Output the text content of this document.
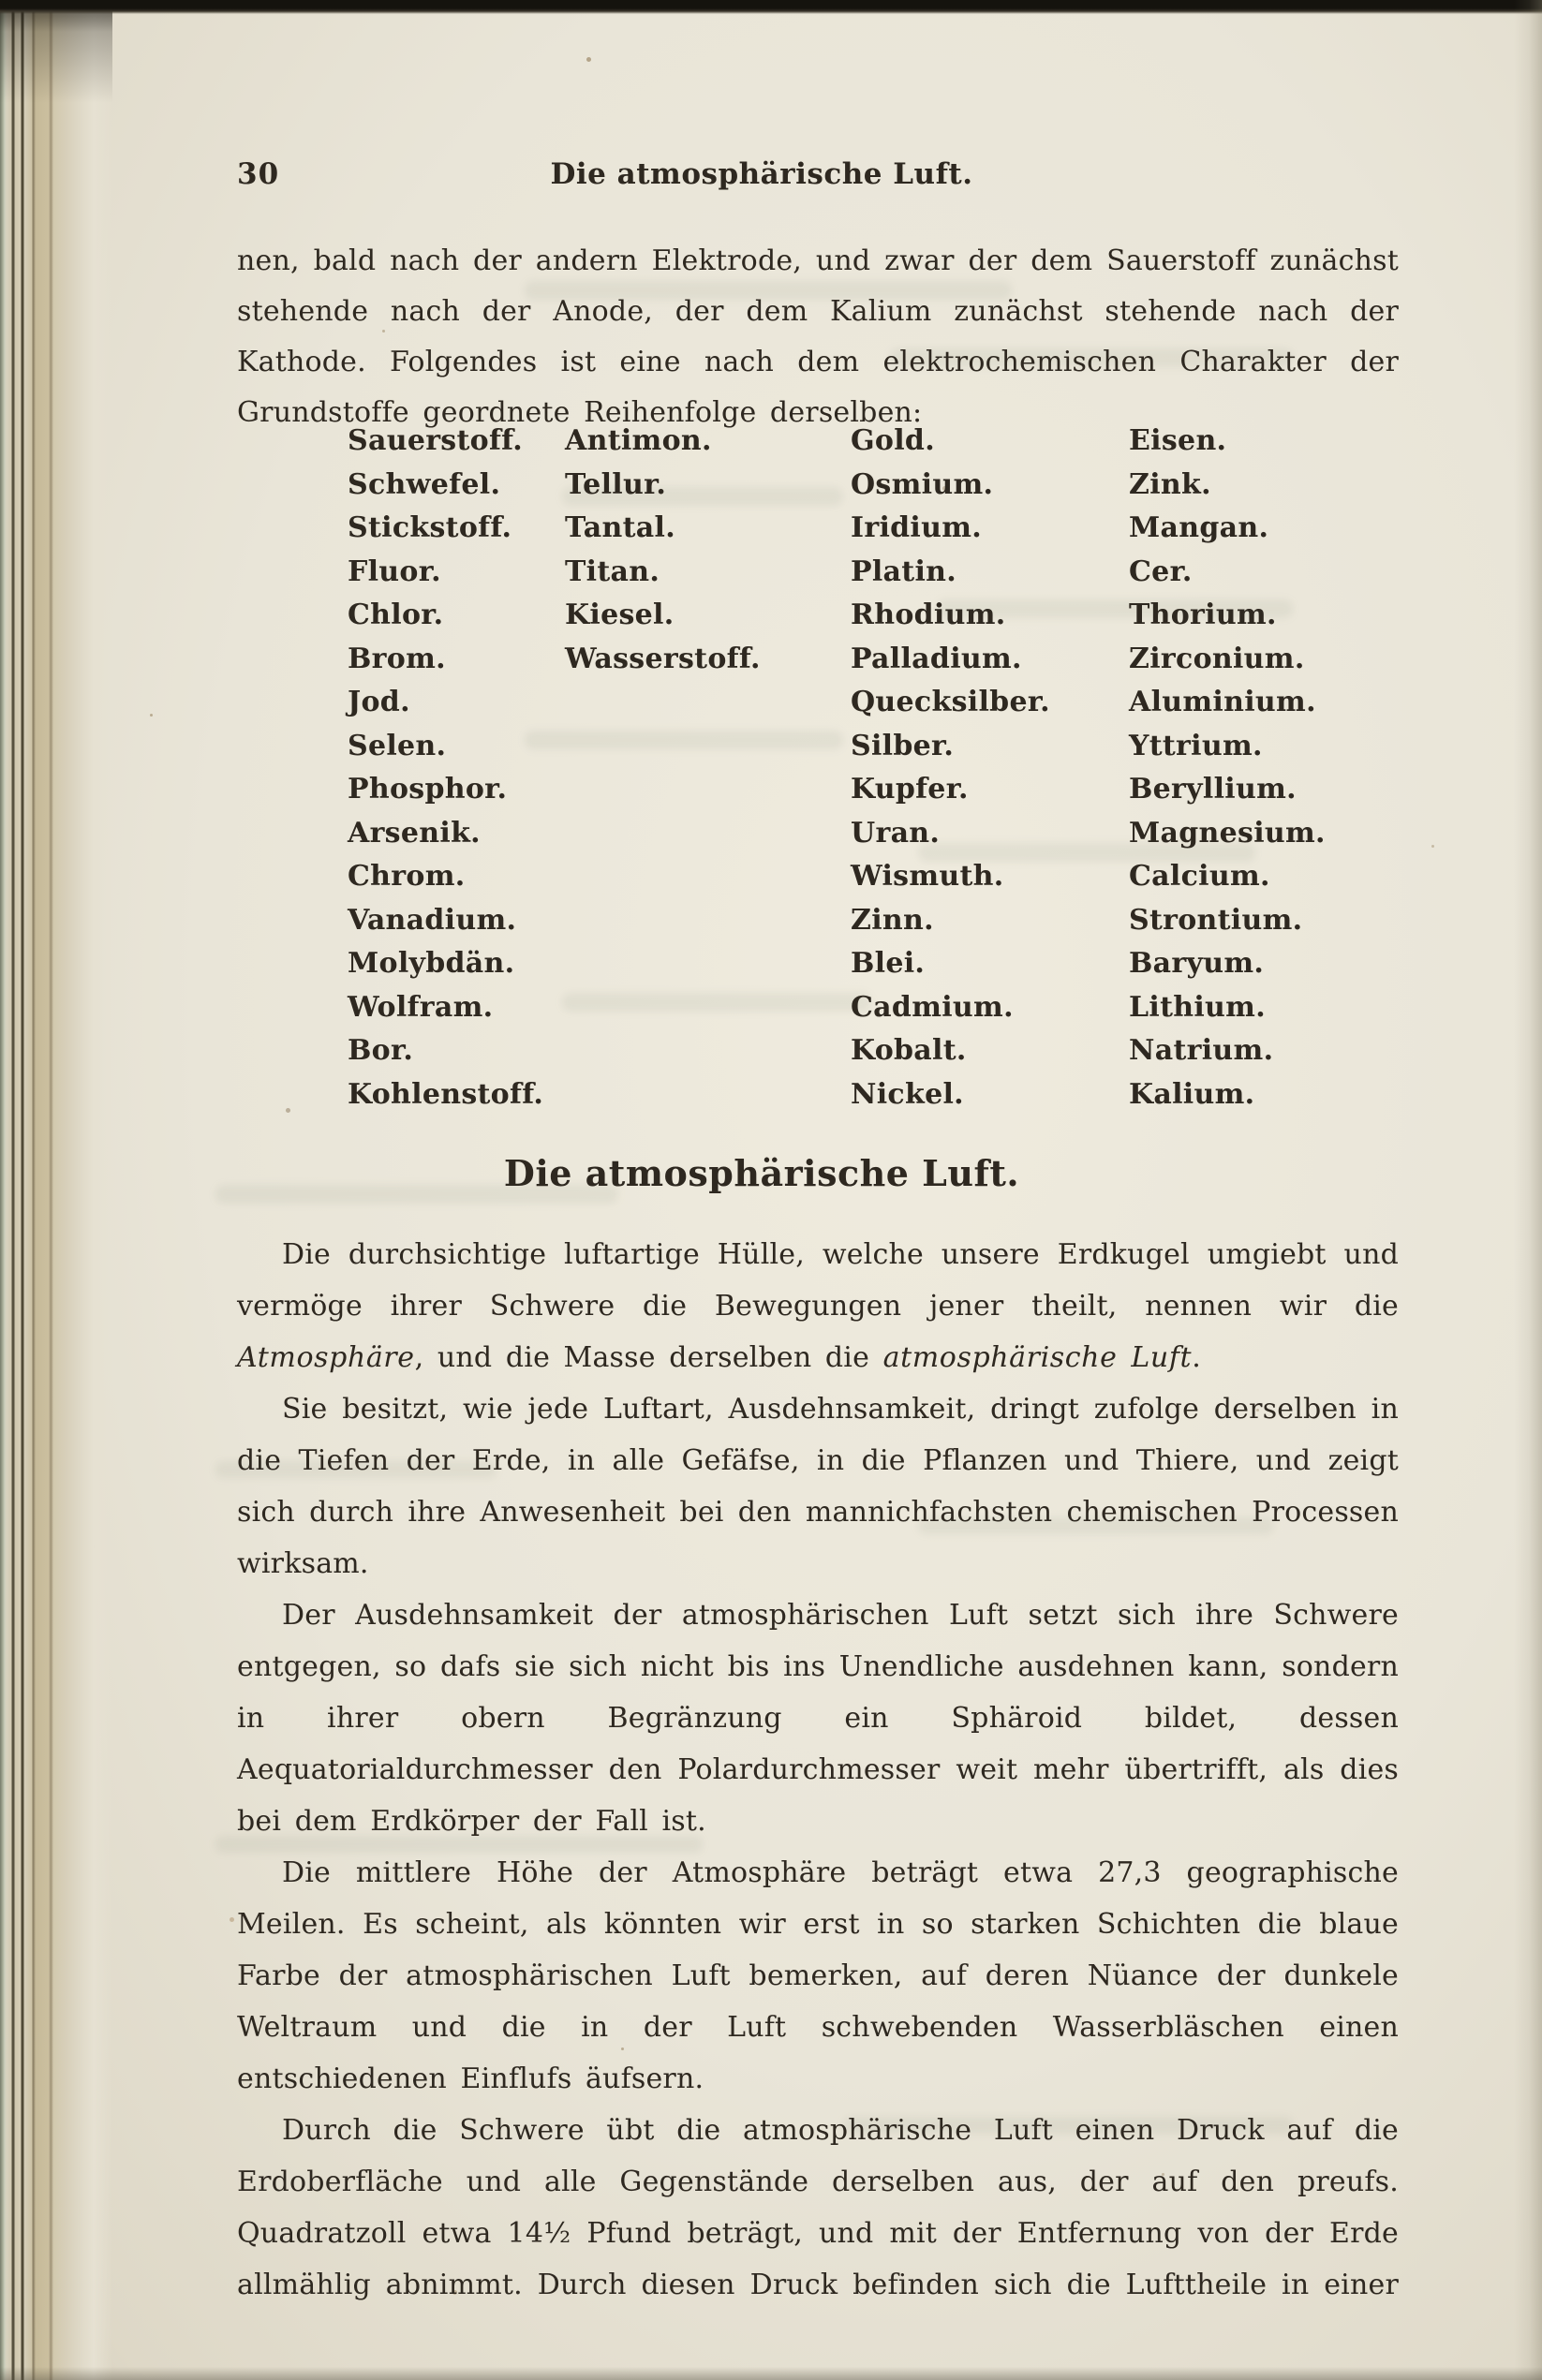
30	Die atmosphärische Luft.

nen, bald nach der andern Elektrode, und zwar der dem Sauerstoff zunächst stehende nach der Anode, der dem Kalium zunächst stehende nach der Kathode. Folgendes ist eine nach dem elektrochemischen Charakter der Grundstoffe geordnete Reihenfolge derselben:

Sauerstoff.
Schwefel.
Stickstoff.
Fluor.
Chlor.
Brom.
Jod.
Selen.
Phosphor.
Arsenik.
Chrom.
Vanadium.
Molybdän.
Wolfram.
Bor.
Kohlenstoff.
Antimon.
Tellur.
Tantal.
Titan.
Kiesel.
Wasserstoff.
Gold.
Osmium.
Iridium.
Platin.
Rhodium.
Palladium.
Quecksilber.
Silber.
Kupfer.
Uran.
Wismuth.
Zinn.
Blei.
Cadmium.
Kobalt.
Nickel.
Eisen.
Zink.
Mangan.
Cer.
Thorium.
Zirconium.
Aluminium.
Yttrium.
Beryllium.
Magnesium.
Calcium.
Strontium.
Baryum.
Lithium.
Natrium.
Kalium.
Die atmosphärische Luft.

Die durchsichtige luftartige Hülle, welche unsere Erdkugel umgiebt und vermöge ihrer Schwere die Bewegungen jener theilt, nennen wir die Atmosphäre, und die Masse derselben die atmosphärische Luft.

Sie besitzt, wie jede Luftart, Ausdehnsamkeit, dringt zufolge derselben in die Tiefen der Erde, in alle Gefäfse, in die Pflanzen und Thiere, und zeigt sich durch ihre Anwesenheit bei den mannichfachsten chemischen Processen wirksam.

Der Ausdehnsamkeit der atmosphärischen Luft setzt sich ihre Schwere entgegen, so dafs sie sich nicht bis ins Unendliche ausdehnen kann, sondern in ihrer obern Begränzung ein Sphäroid bildet, dessen Aequatorialdurchmesser den Polardurchmesser weit mehr übertrifft, als dies bei dem Erdkörper der Fall ist.

Die mittlere Höhe der Atmosphäre beträgt etwa 27,3 geographische Meilen. Es scheint, als könnten wir erst in so starken Schichten die blaue Farbe der atmosphärischen Luft bemerken, auf deren Nüance der dunkele Weltraum und die in der Luft schwebenden Wasserbläschen einen entschiedenen Einflufs äufsern.

Durch die Schwere übt die atmosphärische Luft einen Druck auf die Erdoberfläche und alle Gegenstände derselben aus, der auf den preufs. Quadratzoll etwa 14½ Pfund beträgt, und mit der Entfernung von der Erde allmählig abnimmt. Durch diesen Druck befinden sich die Lufttheile in einer
